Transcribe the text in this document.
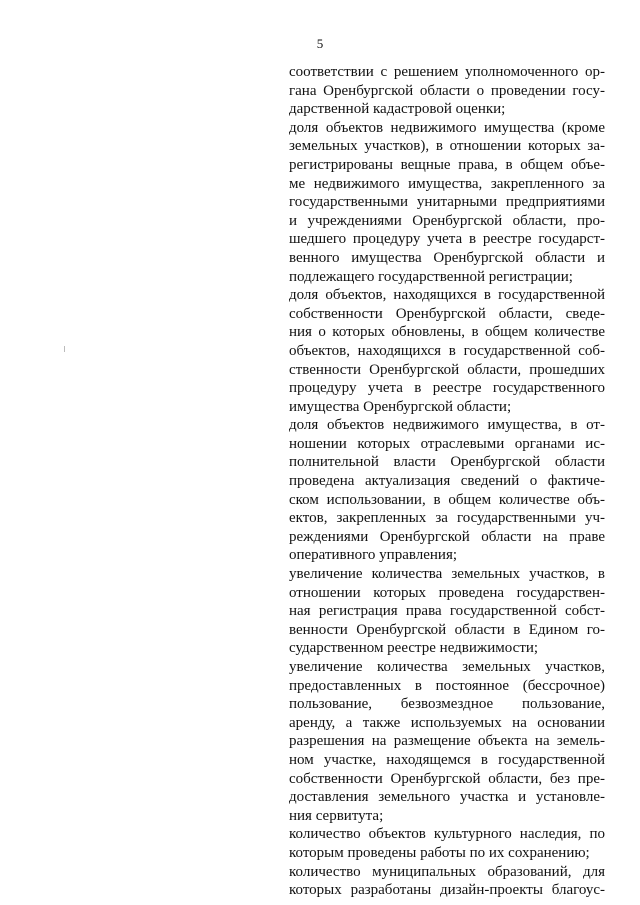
5
соответствии с решением уполномоченного ор-
гана Оренбургской области о проведении госу-
дарственной кадастровой оценки;
доля объектов недвижимого имущества (кроме
земельных участков), в отношении которых за-
регистрированы вещные права, в общем объе-
ме недвижимого имущества, закрепленного за
государственными унитарными предприятиями
и учреждениями Оренбургской области, про-
шедшего процедуру учета в реестре государст-
венного имущества Оренбургской области и
подлежащего государственной регистрации;
доля объектов, находящихся в государственной
собственности Оренбургской области, сведе-
ния о которых обновлены, в общем количестве
объектов, находящихся в государственной соб-
ственности Оренбургской области, прошедших
процедуру учета в реестре государственного
имущества Оренбургской области;
доля объектов недвижимого имущества, в от-
ношении которых отраслевыми органами ис-
полнительной власти Оренбургской области
проведена актуализация сведений о фактиче-
ском использовании, в общем количестве объ-
ектов, закрепленных за государственными уч-
реждениями Оренбургской области на праве
оперативного управления;
увеличение количества земельных участков, в
отношении которых проведена государствен-
ная регистрация права государственной собст-
венности Оренбургской области в Едином го-
сударственном реестре недвижимости;
увеличение количества земельных участков,
предоставленных в постоянное (бессрочное)
пользование, безвозмездное пользование,
аренду, а также используемых на основании
разрешения на размещение объекта на земель-
ном участке, находящемся в государственной
собственности Оренбургской области, без пре-
доставления земельного участка и установле-
ния сервитута;
количество объектов культурного наследия, по
которым проведены работы по их сохранению;
количество муниципальных образований, для
которых разработаны дизайн-проекты благоус-
